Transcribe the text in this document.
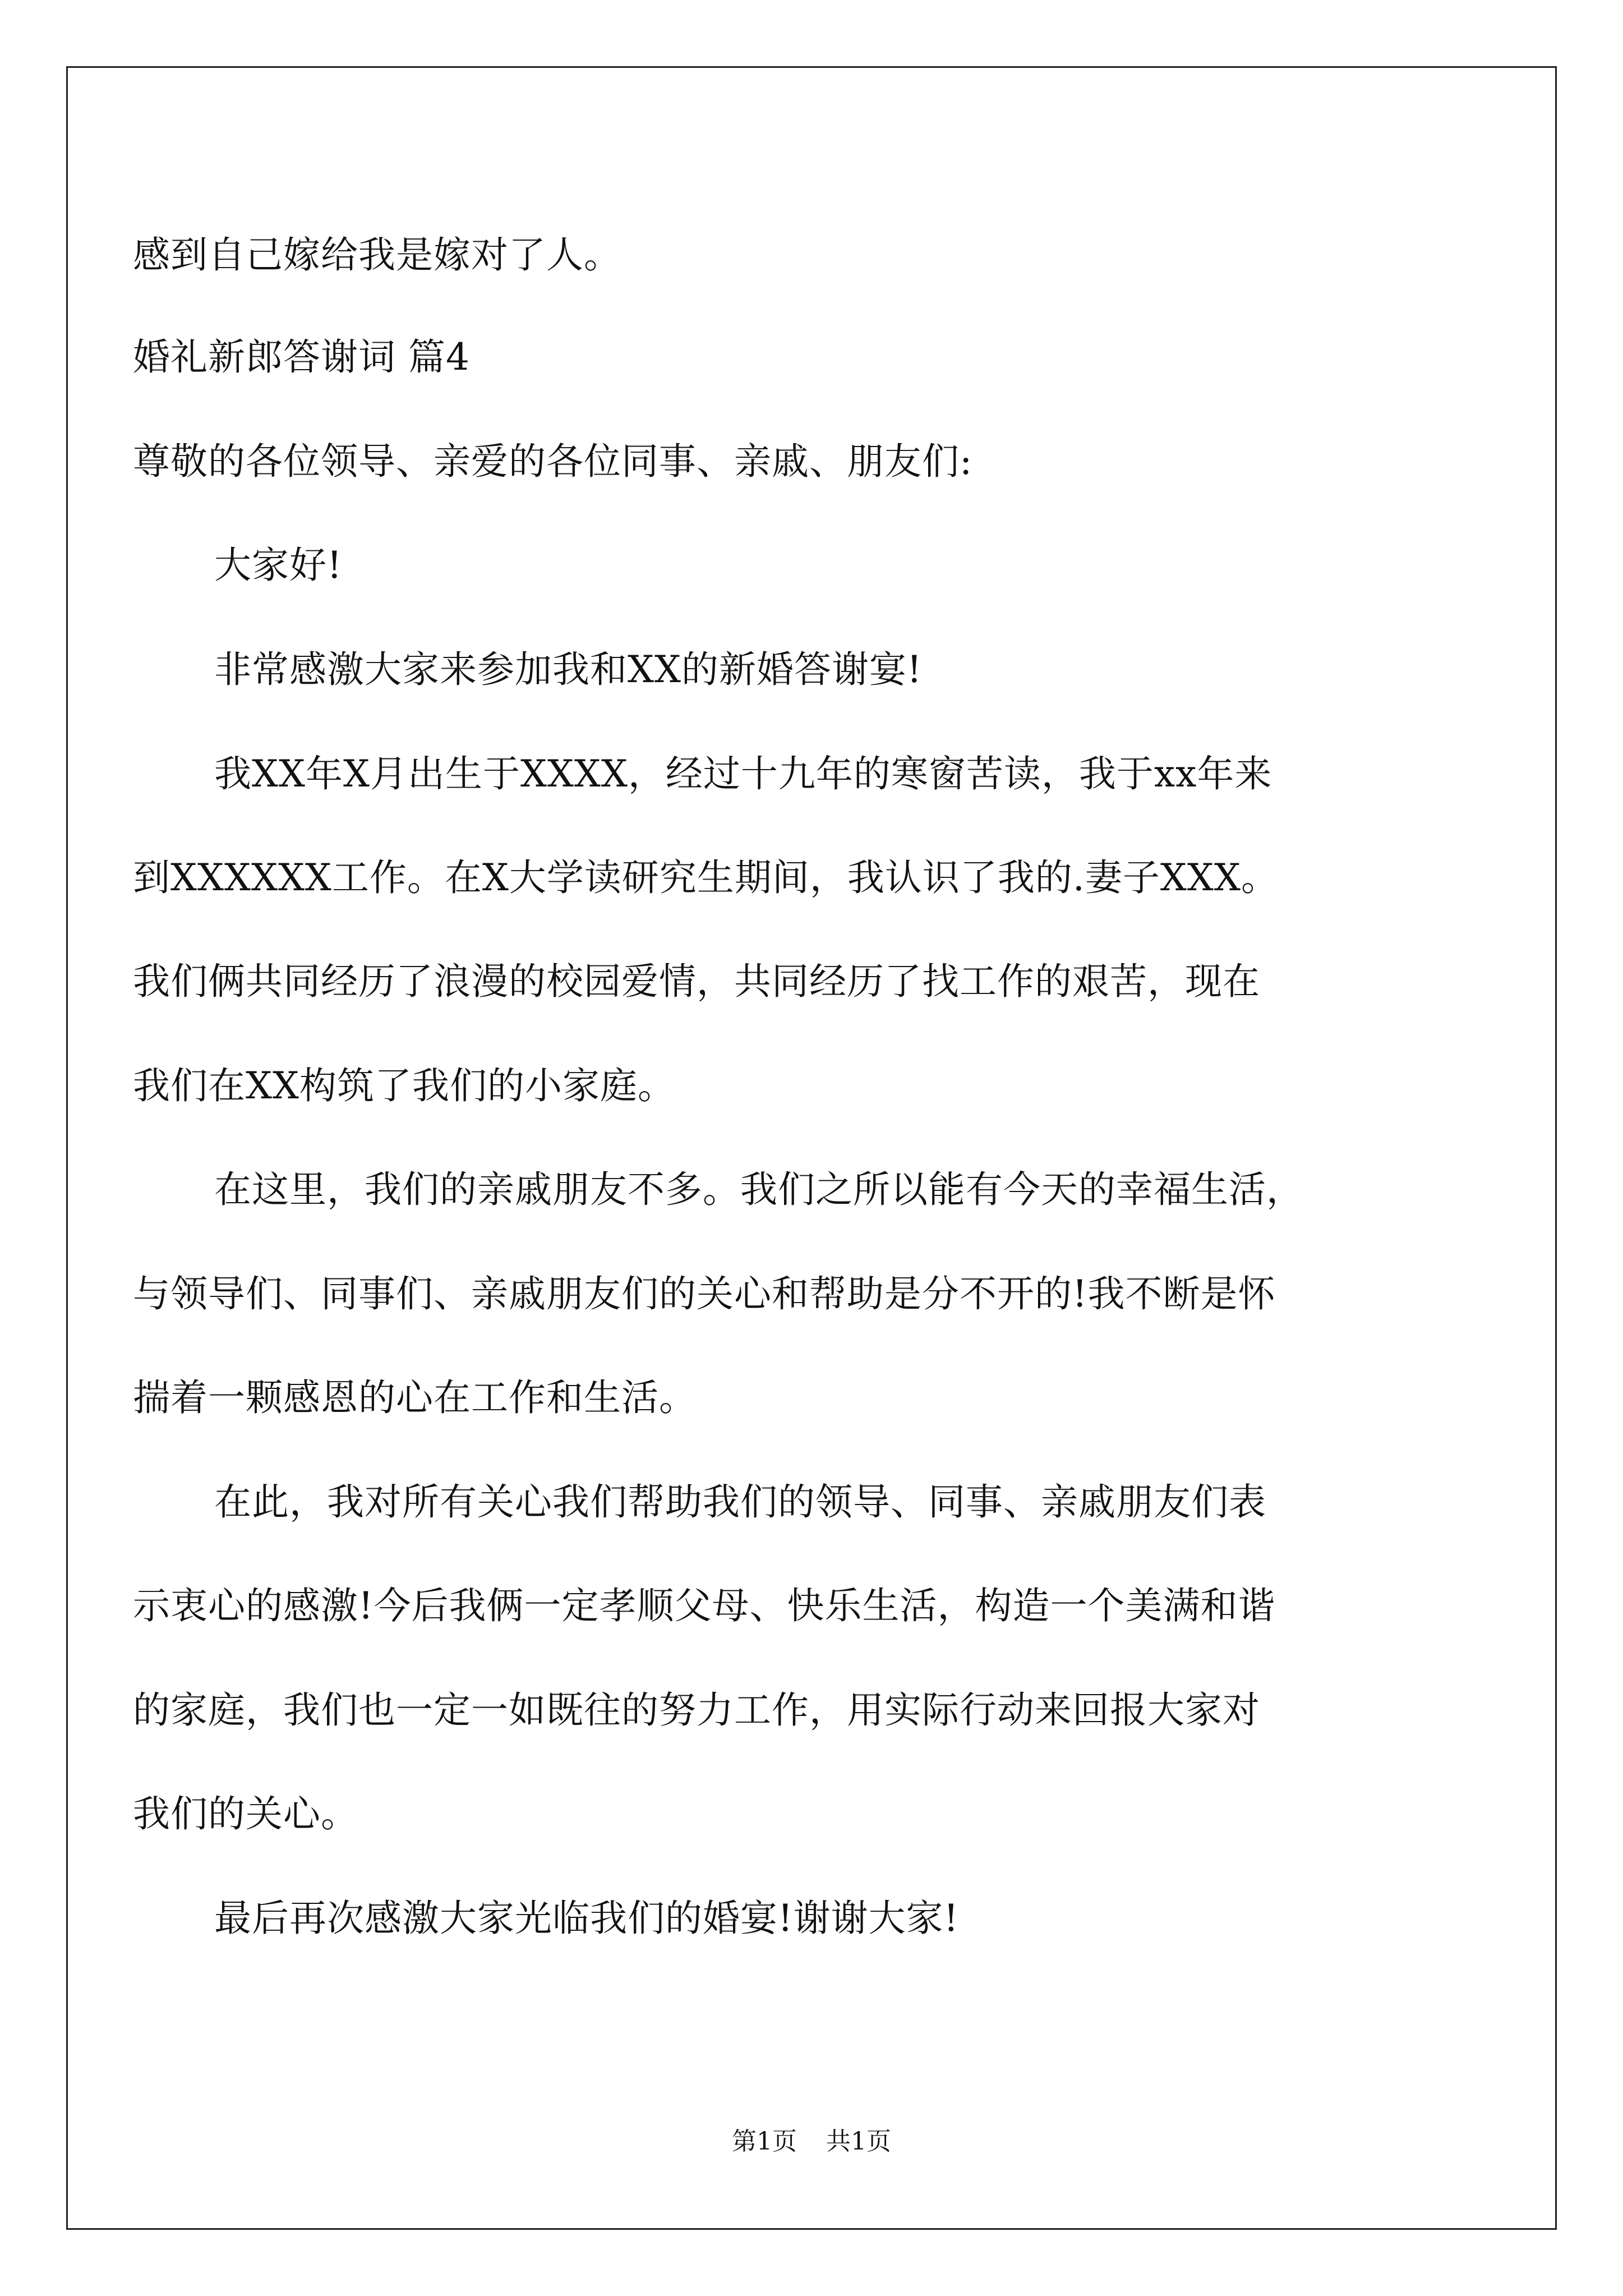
感到自己嫁给我是嫁对了人。
婚礼新郎答谢词 篇4
尊敬的各位领导、亲爱的各位同事、亲戚、朋友们:
大家好!
非常感激大家来参加我和XX的新婚答谢宴!
我XX年X月出生于XXXX，经过十九年的寒窗苦读，我于xx年来
到XXXXXX工作。在X大学读研究生期间，我认识了我的.妻子XXX。
我们俩共同经历了浪漫的校园爱情，共同经历了找工作的艰苦，现在
我们在XX构筑了我们的小家庭。
在这里，我们的亲戚朋友不多。我们之所以能有今天的幸福生活，
与领导们、同事们、亲戚朋友们的关心和帮助是分不开的!我不断是怀
揣着一颗感恩的心在工作和生活。
在此，我对所有关心我们帮助我们的领导、同事、亲戚朋友们表
示衷心的感激!今后我俩一定孝顺父母、快乐生活，构造一个美满和谐
的家庭，我们也一定一如既往的努力工作，用实际行动来回报大家对
我们的关心。
最后再次感激大家光临我们的婚宴!谢谢大家!
第1页 共1页
